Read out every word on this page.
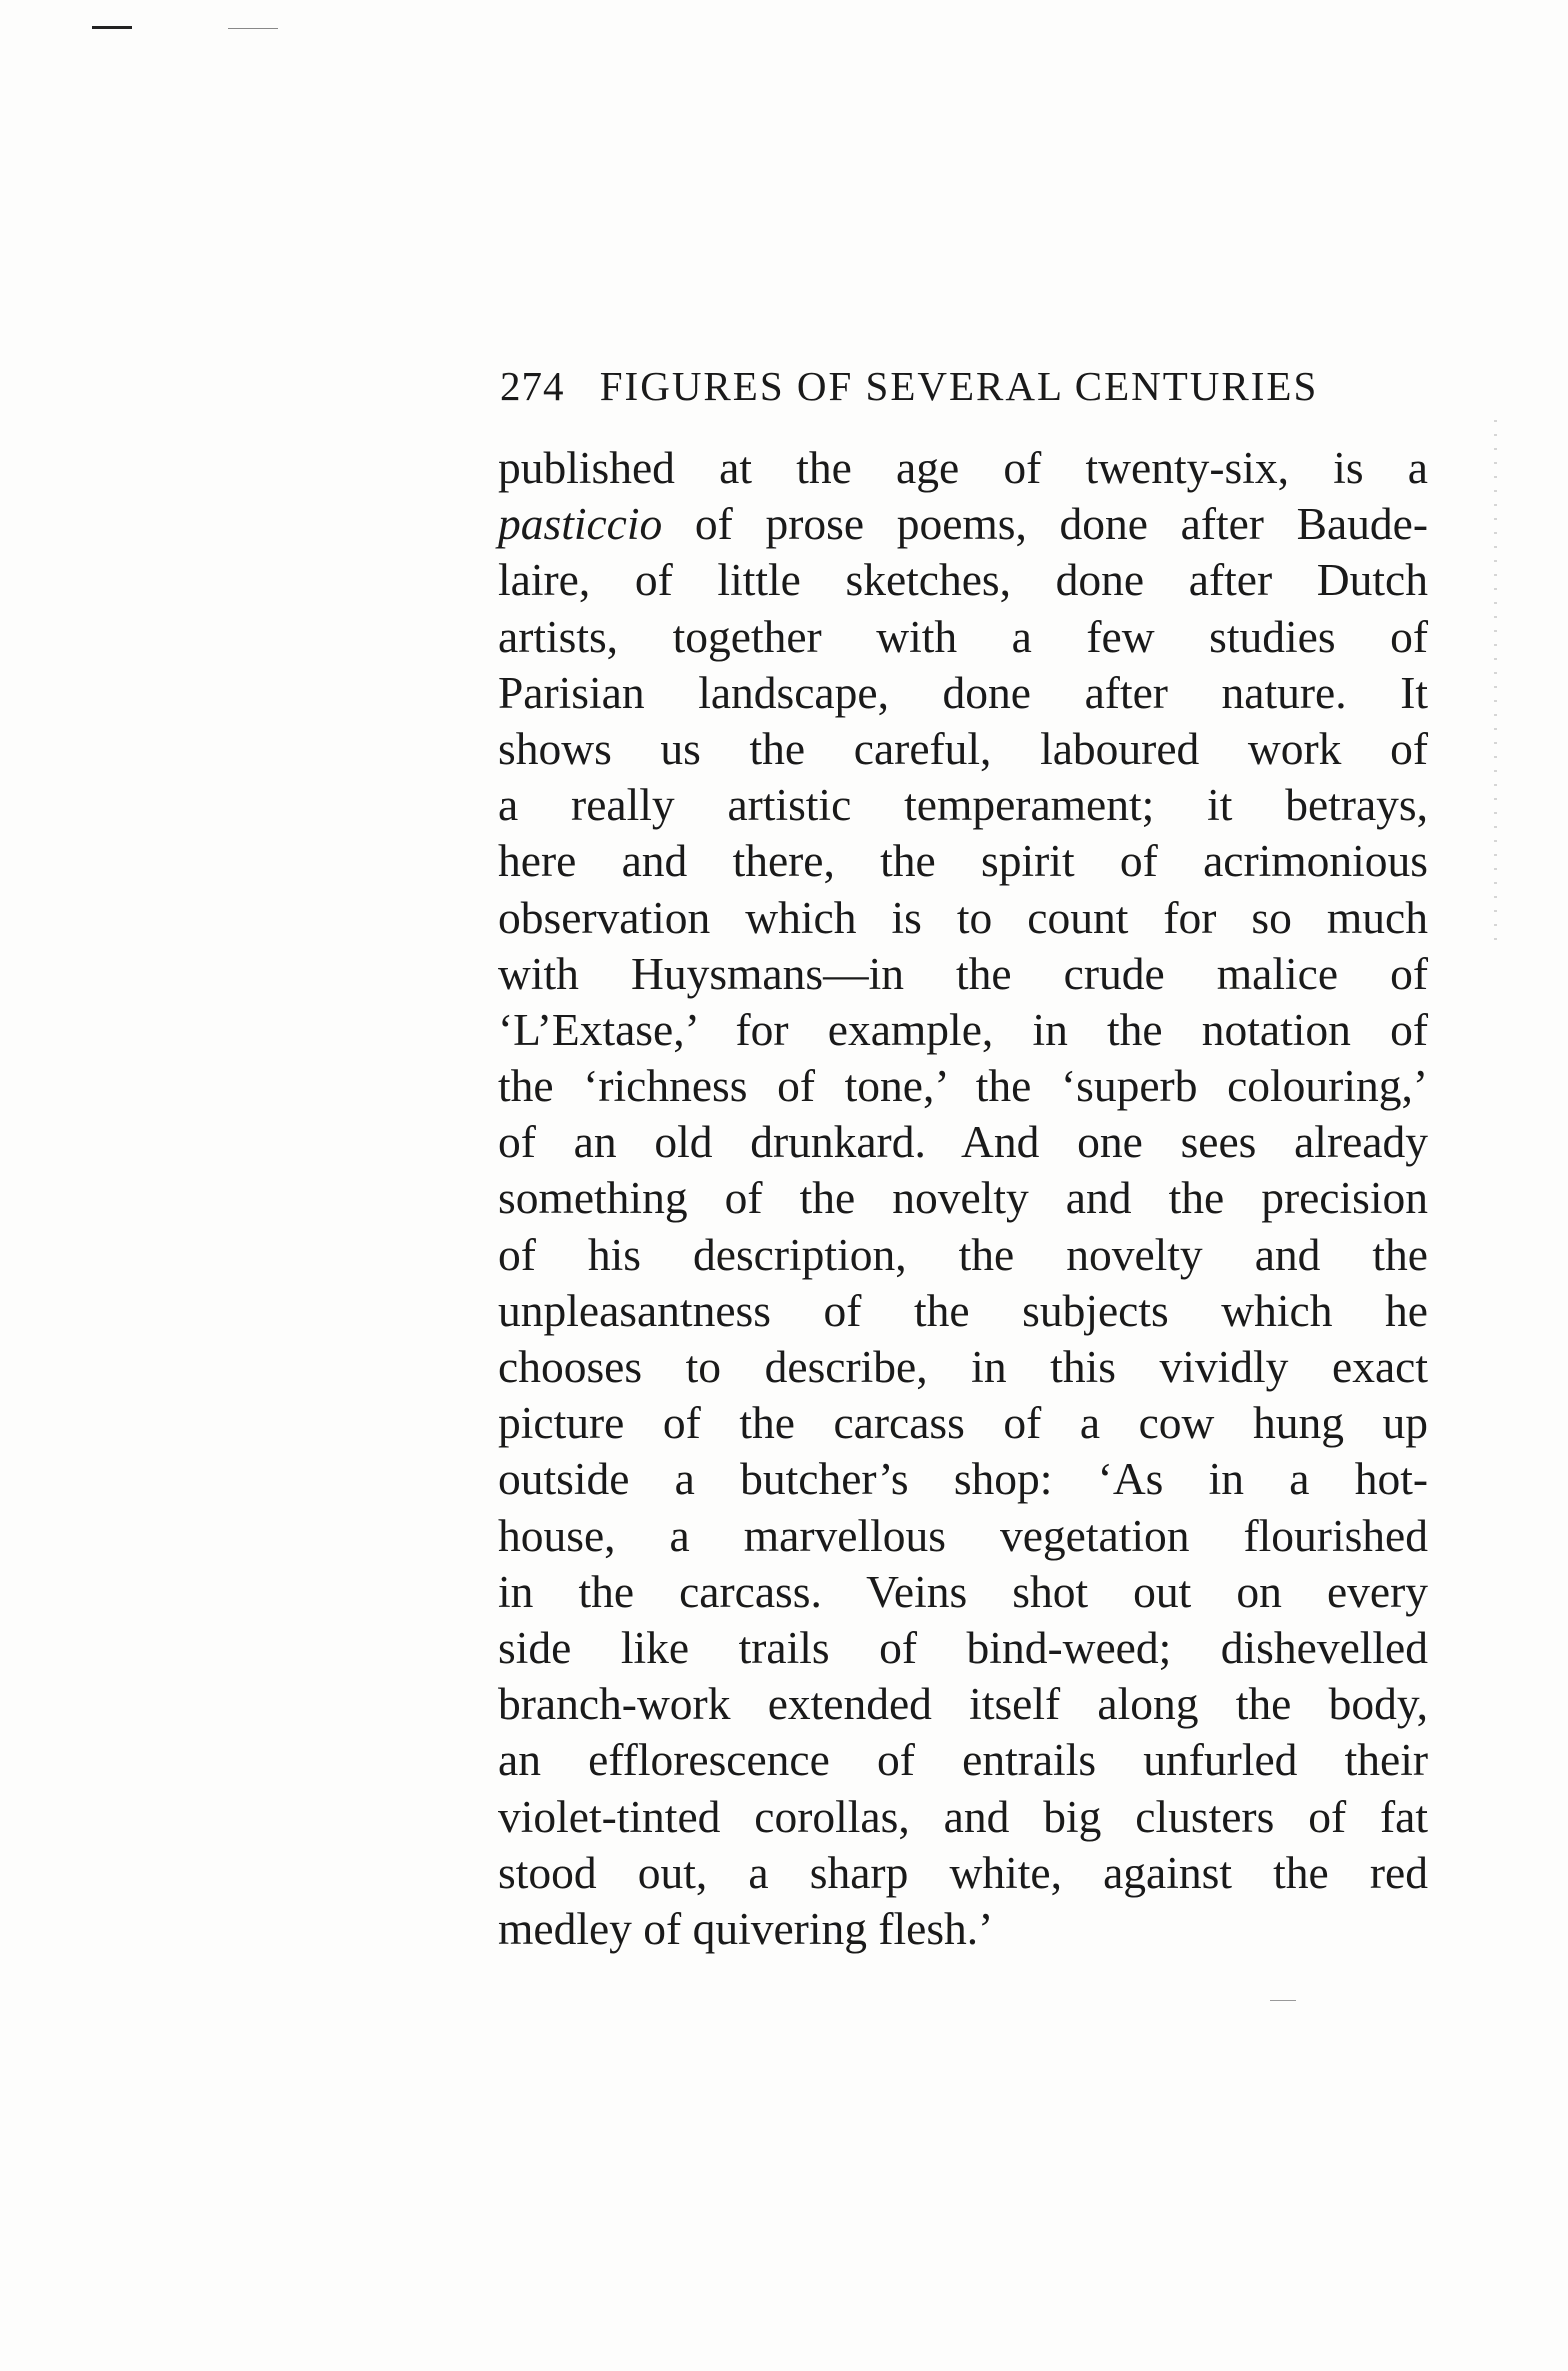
274 FIGURES OF SEVERAL CENTURIES
published at the age of twenty-six, is a
pasticcio of prose poems, done after Baude-
laire, of little sketches, done after Dutch
artists, together with a few studies of
Parisian landscape, done after nature. It
shows us the careful, laboured work of
a really artistic temperament; it betrays,
here and there, the spirit of acrimonious
observation which is to count for so much
with Huysmans—in the crude malice of
‘L’Extase,’ for example, in the notation of
the ‘richness of tone,’ the ‘superb colouring,’
of an old drunkard. And one sees already
something of the novelty and the precision
of his description, the novelty and the
unpleasantness of the subjects which he
chooses to describe, in this vividly exact
picture of the carcass of a cow hung up
outside a butcher’s shop: ‘As in a hot-
house, a marvellous vegetation flourished
in the carcass. Veins shot out on every
side like trails of bind-weed; dishevelled
branch-work extended itself along the body,
an efflorescence of entrails unfurled their
violet-tinted corollas, and big clusters of fat
stood out, a sharp white, against the red
medley of quivering flesh.’
